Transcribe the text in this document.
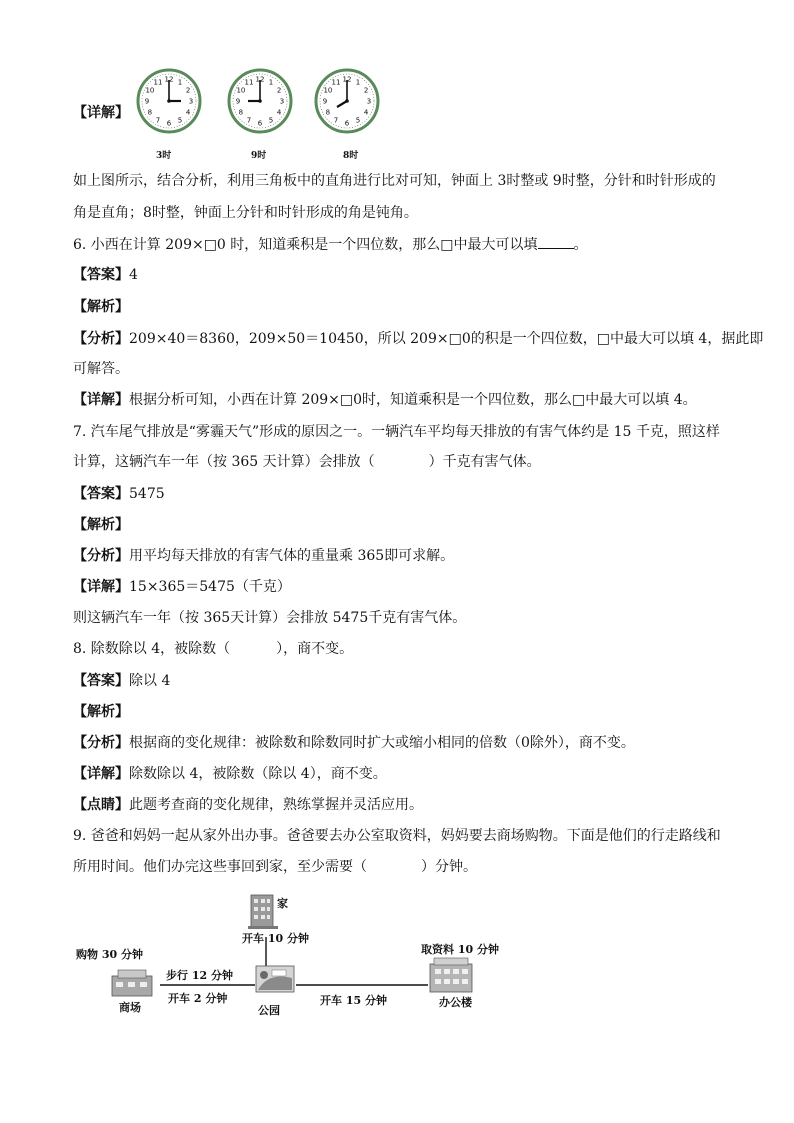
【详解】
12 1
2
3
4
5
6
7
8
9
10
11	12 1
2
3
4
5
6
7
8
9
10
11	12 1
2
3
4
5
6
7
8
9
10
11
3时	9时	8时
如上图所示，结合分析，利用三角板中的直角进行比对可知，钟面上 3时整或 9时整，分针和时针形成的
角是直角；8时整，钟面上分针和时针形成的角是钝角。
6. 小西在计算 209×□0 时，知道乘积是一个四位数，那么□中最大可以填	。
【答案】4
【解析】
【分析】209×40＝8360，209×50＝10450，所以 209×□0的积是一个四位数，□中最大可以填 4，据此即
可解答。
【详解】根据分析可知，小西在计算 209×□0时，知道乘积是一个四位数，那么□中最大可以填 4。
7. 汽车尾气排放是“雾霾天气”形成的原因之一。一辆汽车平均每天排放的有害气体约是 15 千克，照这样
计算，这辆汽车一年（按 365 天计算）会排放（	）千克有害气体。
【答案】5475
【解析】
【分析】用平均每天排放的有害气体的重量乘 365即可求解。
【详解】15×365＝5475（千克）
则这辆汽车一年（按 365天计算）会排放 5475千克有害气体。
8. 除数除以 4，被除数（	），商不变。
【答案】除以 4
【解析】
【分析】根据商的变化规律：被除数和除数同时扩大或缩小相同的倍数（0除外），商不变。
【详解】除数除以 4，被除数（除以 4），商不变。
【点睛】此题考查商的变化规律，熟练掌握并灵活应用。
9. 爸爸和妈妈一起从家外出办事。爸爸要去办公室取资料，妈妈要去商场购物。下面是他们的行走路线和
所用时间。他们办完这些事回到家，至少需要（	）分钟。
家
开车 10 分钟
购物 30 分钟
商场
步行 12 分钟
开车 2 分钟
公园
开车 15 分钟
取资料 10 分钟
办公楼
